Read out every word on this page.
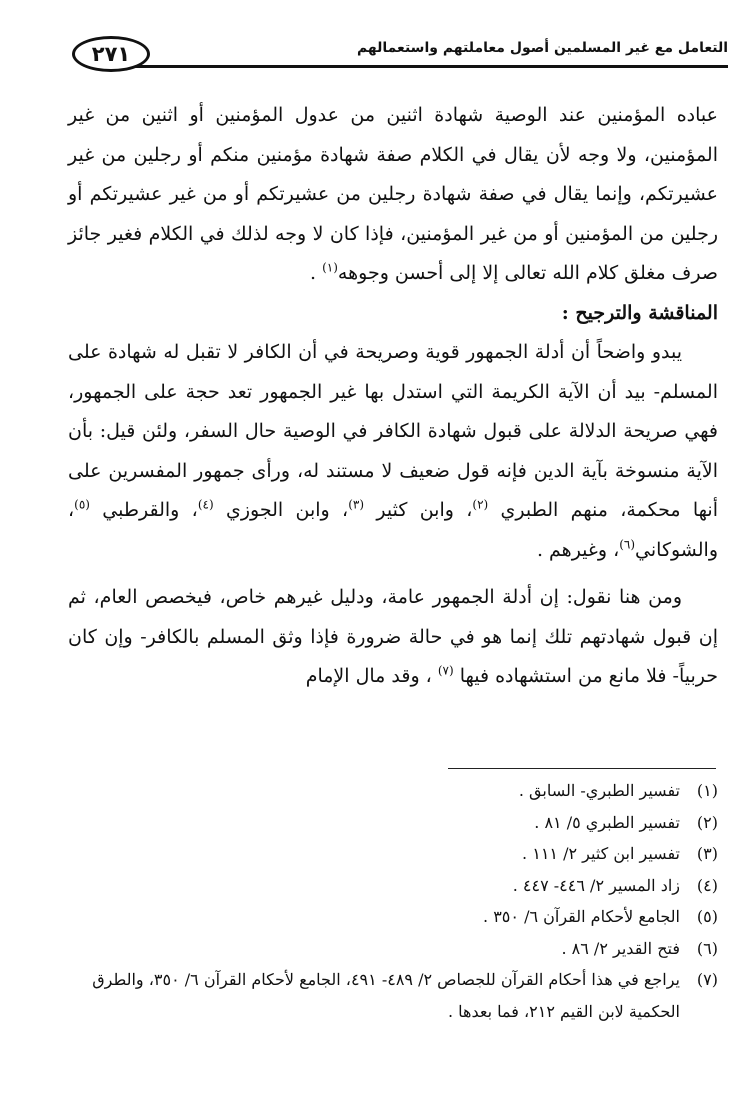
٢٧١	التعامل مع غير المسلمين أصول معاملتهم واستعمالهم

عباده المؤمنين عند الوصية شهادة اثنين من عدول المؤمنين أو اثنين من غير المؤمنين، ولا وجه لأن يقال في الكلام صفة شهادة مؤمنين منكم أو رجلين من غير عشيرتكم، وإنما يقال في صفة شهادة رجلين من عشيرتكم أو من غير عشيرتكم أو رجلين من المؤمنين أو من غير المؤمنين، فإذا كان لا وجه لذلك في الكلام فغير جائز صرف مغلق كلام الله تعالى إلا إلى أحسن وجوهه$^{(١)}$ .

المناقشة والترجيح :

يبدو واضحاً أن أدلة الجمهور قوية وصريحة في أن الكافر لا تقبل له شهادة على المسلم- بيد أن الآية الكريمة التي استدل بها غير الجمهور تعد حجة على الجمهور، فهي صريحة الدلالة على قبول شهادة الكافر في الوصية حال السفر، ولئن قيل: بأن الآية منسوخة بآية الدين فإنه قول ضعيف لا مستند له، ورأى جمهور المفسرين على أنها محكمة، منهم الطبري $^{(٢)}$، وابن كثير $^{(٣)}$، وابن الجوزي $^{(٤)}$، والقرطبي $^{(٥)}$، والشوكاني$^{(٦)}$، وغيرهم .

ومن هنا نقول: إن أدلة الجمهور عامة، ودليل غيرهم خاص، فيخصص العام، ثم إن قبول شهادتهم تلك إنما هو في حالة ضرورة فإذا وثق المسلم بالكافر- وإن كان حربياً- فلا مانع من استشهاده فيها $^{(٧)}$ ، وقد مال الإمام

(١)
تفسير الطبري- السابق .
(٢)
تفسير الطبري ٥/ ٨١ .
(٣)
تفسير ابن كثير ٢/ ١١١ .
(٤)
زاد المسير ٢/ ٤٤٦- ٤٤٧ .
(٥)
الجامع لأحكام القرآن ٦/ ٣٥٠ .
(٦)
فتح القدير ٢/ ٨٦ .
(٧)
يراجع في هذا أحكام القرآن للجصاص ٢/ ٤٨٩- ٤٩١، الجامع لأحكام القرآن ٦/ ٣٥٠، والطرق الحكمية لابن القيم ٢١٢، فما بعدها .
